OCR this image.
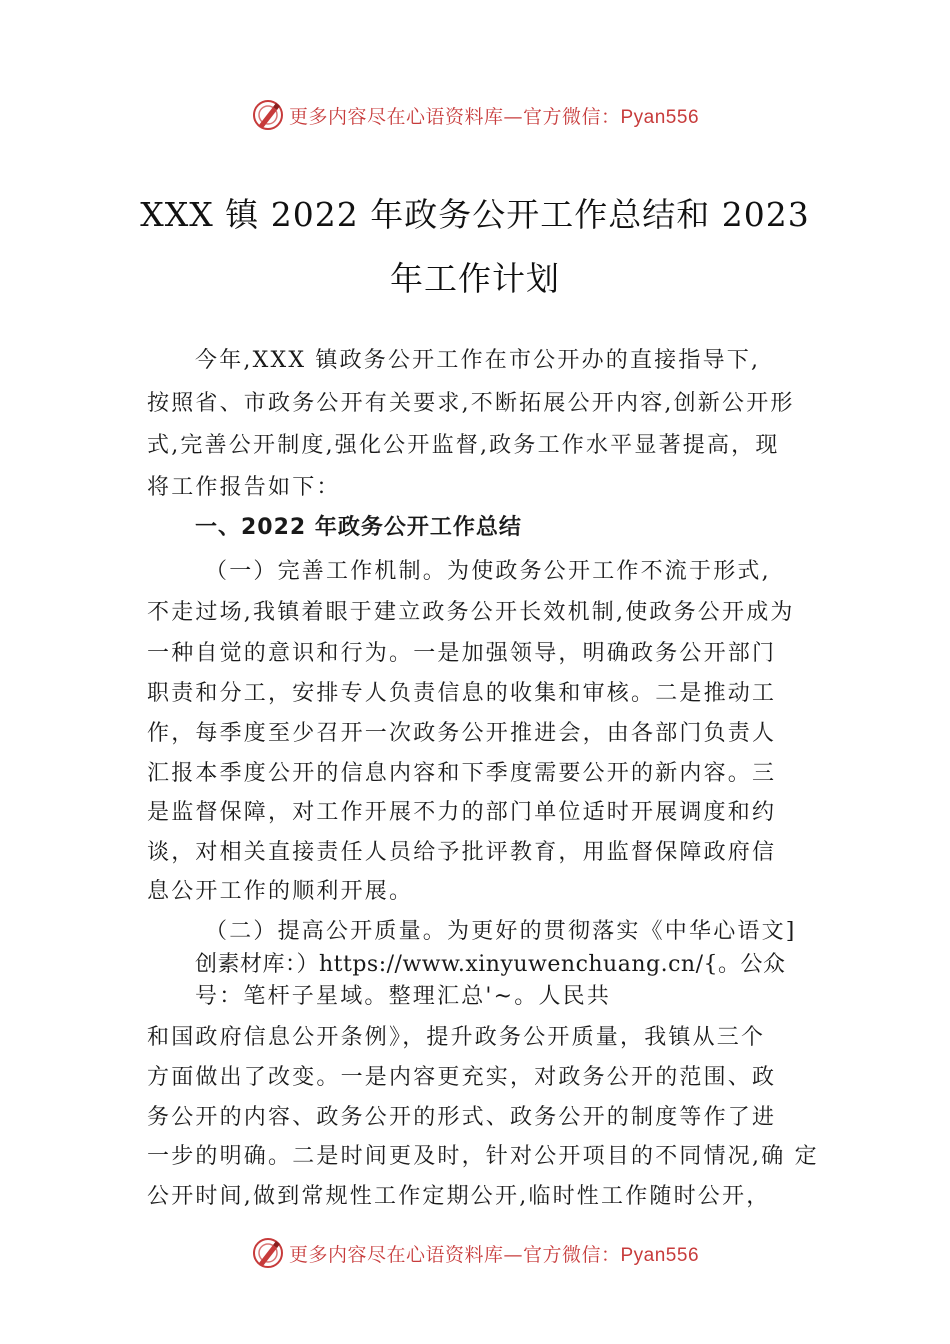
更多内容尽在心语资料库—官方微信：Pyan556
XXX 镇 2022 年政务公开工作总结和 2023
年工作计划
今年,XXX 镇政务公开工作在市公开办的直接指导下,
按照省、市政务公开有关要求,不断拓展公开内容,创新公开形
式,完善公开制度,强化公开监督,政务工作水平显著提高，现
将工作报告如下：
一、2022 年政务公开工作总结
（一）完善工作机制。为使政务公开工作不流于形式,
不走过场,我镇着眼于建立政务公开长效机制,使政务公开成为
一种自觉的意识和行为。一是加强领导，明确政务公开部门
职责和分工，安排专人负责信息的收集和审核。二是推动工
作，每季度至少召开一次政务公开推进会，由各部门负责人
汇报本季度公开的信息内容和下季度需要公开的新内容。三
是监督保障，对工作开展不力的部门单位适时开展调度和约
谈，对相关直接责任人员给予批评教育，用监督保障政府信
息公开工作的顺利开展。
（二）提高公开质量。为更好的贯彻落实《中华心语文]
创素材库：）https://www.xinyuwenchuang.cn/{。公众
号：笔杆子星域。整理汇总'~。人民共
和国政府信息公开条例》，提升政务公开质量，我镇从三个
方面做出了改变。一是内容更充实，对政务公开的范围、政
务公开的内容、政务公开的形式、政务公开的制度等作了进
一步的明确。二是时间更及时，针对公开项目的不同情况,确 定
公开时间,做到常规性工作定期公开,临时性工作随时公开，
更多内容尽在心语资料库—官方微信：Pyan556
